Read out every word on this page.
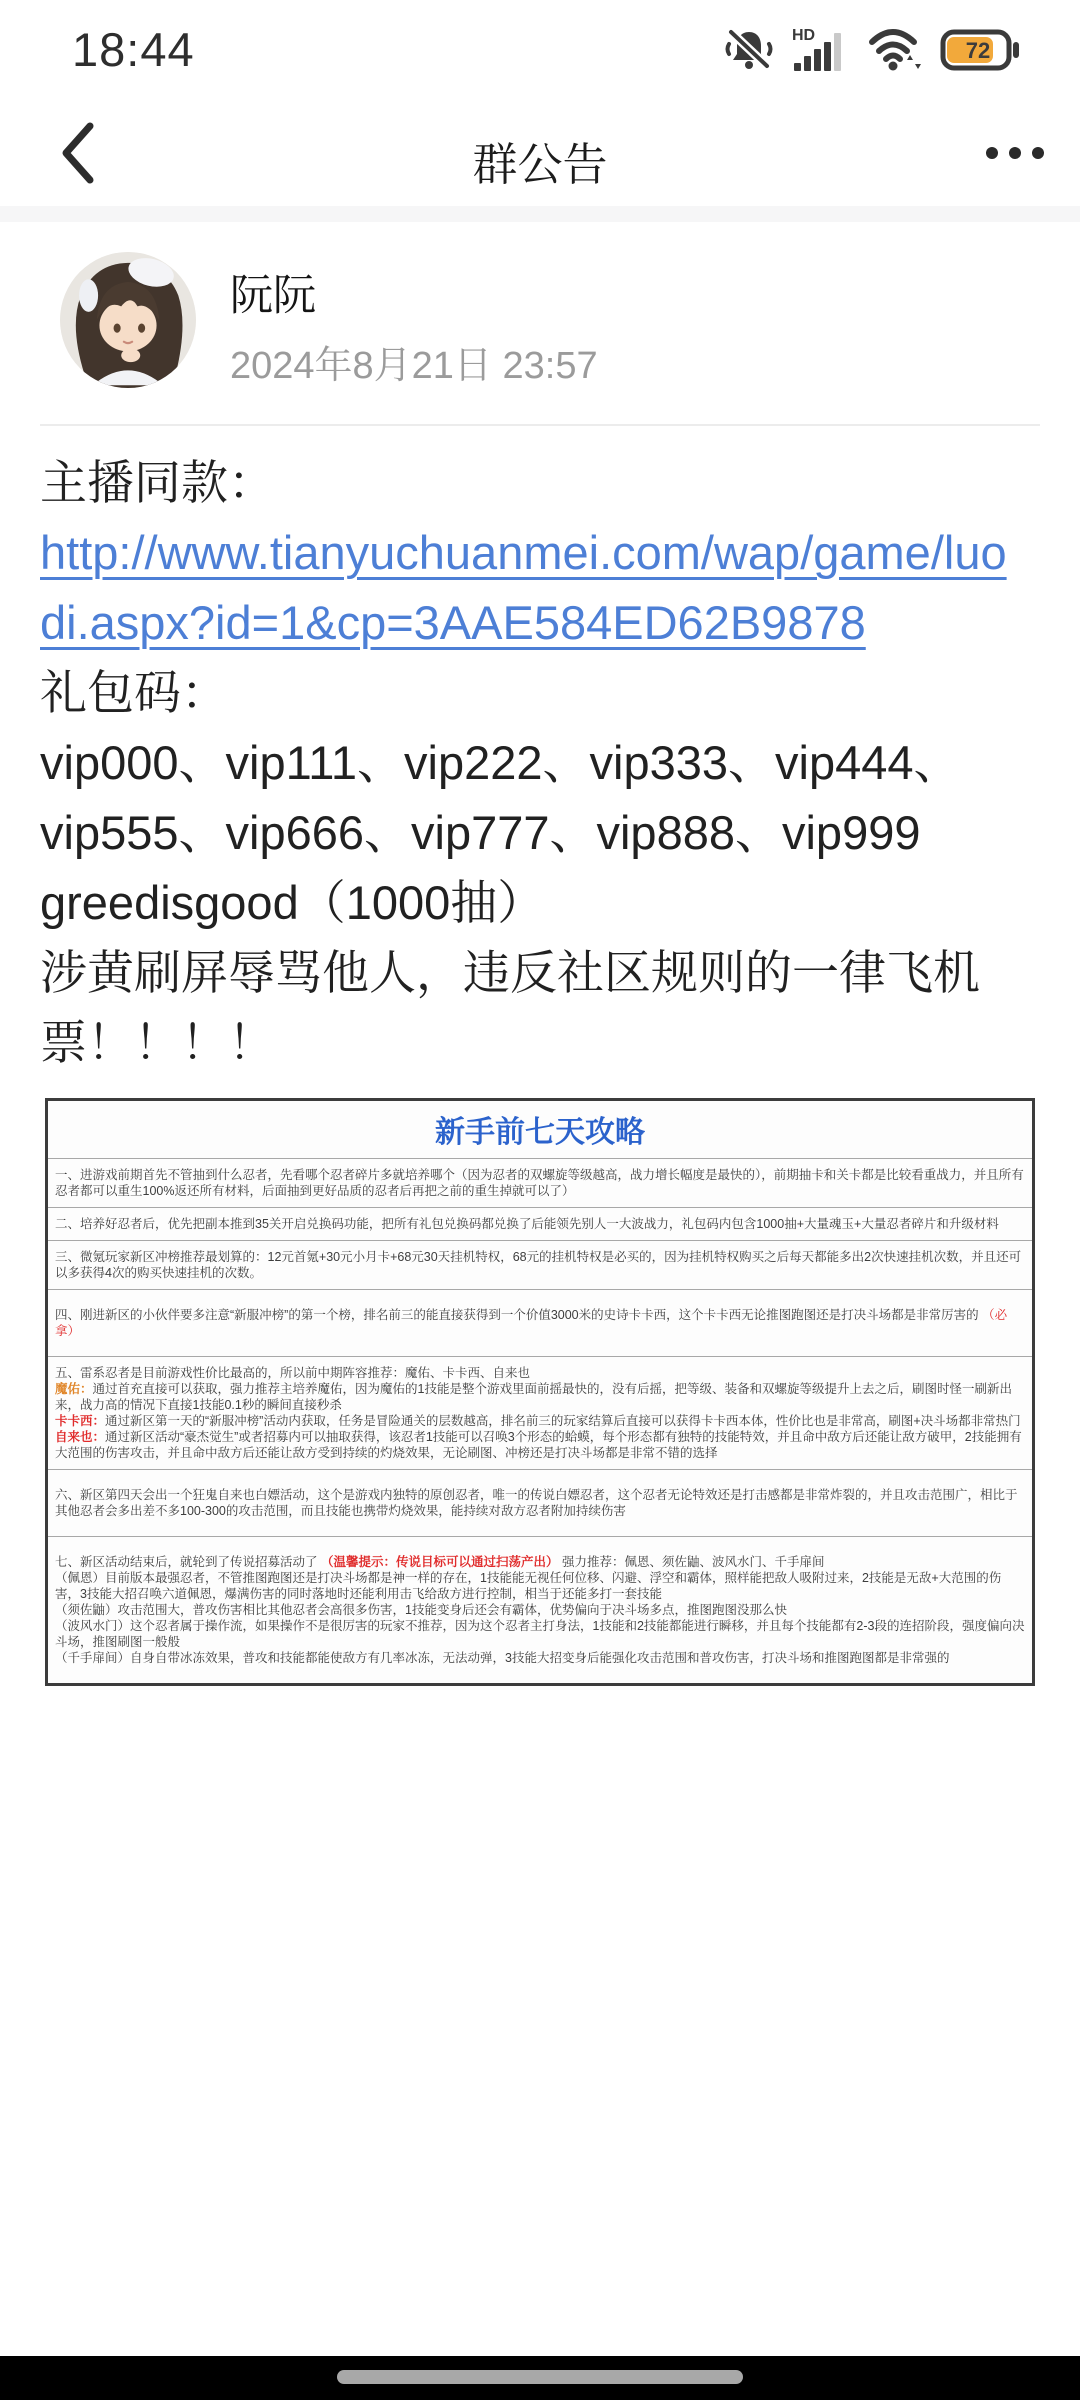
18:44	HD
72
群公告
阮阮
2024年8月21日 23:57
主播同款：
http://www.tianyuchuanmei.com/wap/game/luo di.aspx?id=1&cp=3AAE584ED62B9878
礼包码：
vip000、vip111、vip222、vip333、vip444、
vip555、vip666、vip777、vip888、vip999
greedisgood（1000抽）
涉黄刷屏辱骂他人，违反社区规则的一律飞机
票！！！！
新手前七天攻略
一、进游戏前期首先不管抽到什么忍者，先看哪个忍者碎片多就培养哪个（因为忍者的双螺旋等级越高，战力增长幅度是最快的），前期抽卡和关卡都是比较看重战力，并且所有忍者都可以重生100%返还所有材料，后面抽到更好品质的忍者后再把之前的重生掉就可以了）
二、培养好忍者后，优先把副本推到35关开启兑换码功能，把所有礼包兑换码都兑换了后能领先别人一大波战力，礼包码内包含1000抽+大量魂玉+大量忍者碎片和升级材料
三、微氪玩家新区冲榜推荐最划算的：12元首氪+30元小月卡+68元30天挂机特权，68元的挂机特权是必买的，因为挂机特权购买之后每天都能多出2次快速挂机次数，并且还可以多获得4次的购买快速挂机的次数。
四、刚进新区的小伙伴要多注意“新服冲榜”的第一个榜，排名前三的能直接获得到一个价值3000米的史诗卡卡西，这个卡卡西无论推图跑图还是打决斗场都是非常厉害的 （必拿）
五、雷系忍者是目前游戏性价比最高的，所以前中期阵容推荐：魔佑、卡卡西、自来也
魔佑：通过首充直接可以获取，强力推荐主培养魔佑，因为魔佑的1技能是整个游戏里面前摇最快的，没有后摇，把等级、装备和双螺旋等级提升上去之后，刷图时怪一刷新出来，战力高的情况下直接1技能0.1秒的瞬间直接秒杀
卡卡西：通过新区第一天的“新服冲榜”活动内获取，任务是冒险通关的层数越高，排名前三的玩家结算后直接可以获得卡卡西本体，性价比也是非常高，刷图+决斗场都非常热门
自来也：通过新区活动“豪杰觉生”或者招募内可以抽取获得，该忍者1技能可以召唤3个形态的蛤蟆，每个形态都有独特的技能特效，并且命中敌方后还能让敌方破甲，2技能拥有大范围的伤害攻击，并且命中敌方后还能让敌方受到持续的灼烧效果，无论刷图、冲榜还是打决斗场都是非常不错的选择
六、新区第四天会出一个狂鬼自来也白嫖活动，这个是游戏内独特的原创忍者，唯一的传说白嫖忍者，这个忍者无论特效还是打击感都是非常炸裂的，并且攻击范围广，相比于其他忍者会多出差不多100-300的攻击范围，而且技能也携带灼烧效果，能持续对敌方忍者附加持续伤害
七、新区活动结束后，就轮到了传说招募活动了 （温馨提示：传说目标可以通过扫荡产出） 强力推荐：佩恩、须佐鼬、波风水门、千手扉间
（佩恩）目前版本最强忍者，不管推图跑图还是打决斗场都是神一样的存在，1技能能无视任何位移、闪避、浮空和霸体，照样能把敌人吸附过来，2技能是无敌+大范围的伤害，3技能大招召唤六道佩恩，爆满伤害的同时落地时还能利用击飞给敌方进行控制，相当于还能多打一套技能
（须佐鼬）攻击范围大，普攻伤害相比其他忍者会高很多伤害，1技能变身后还会有霸体，优势偏向于决斗场多点，推图跑图没那么快
（波风水门）这个忍者属于操作流，如果操作不是很厉害的玩家不推荐，因为这个忍者主打身法，1技能和2技能都能进行瞬移，并且每个技能都有2-3段的连招阶段，强度偏向决斗场，推图刷图一般般
（千手扉间）自身自带冰冻效果，普攻和技能都能使敌方有几率冰冻，无法动弹，3技能大招变身后能强化攻击范围和普攻伤害，打决斗场和推图跑图都是非常强的
